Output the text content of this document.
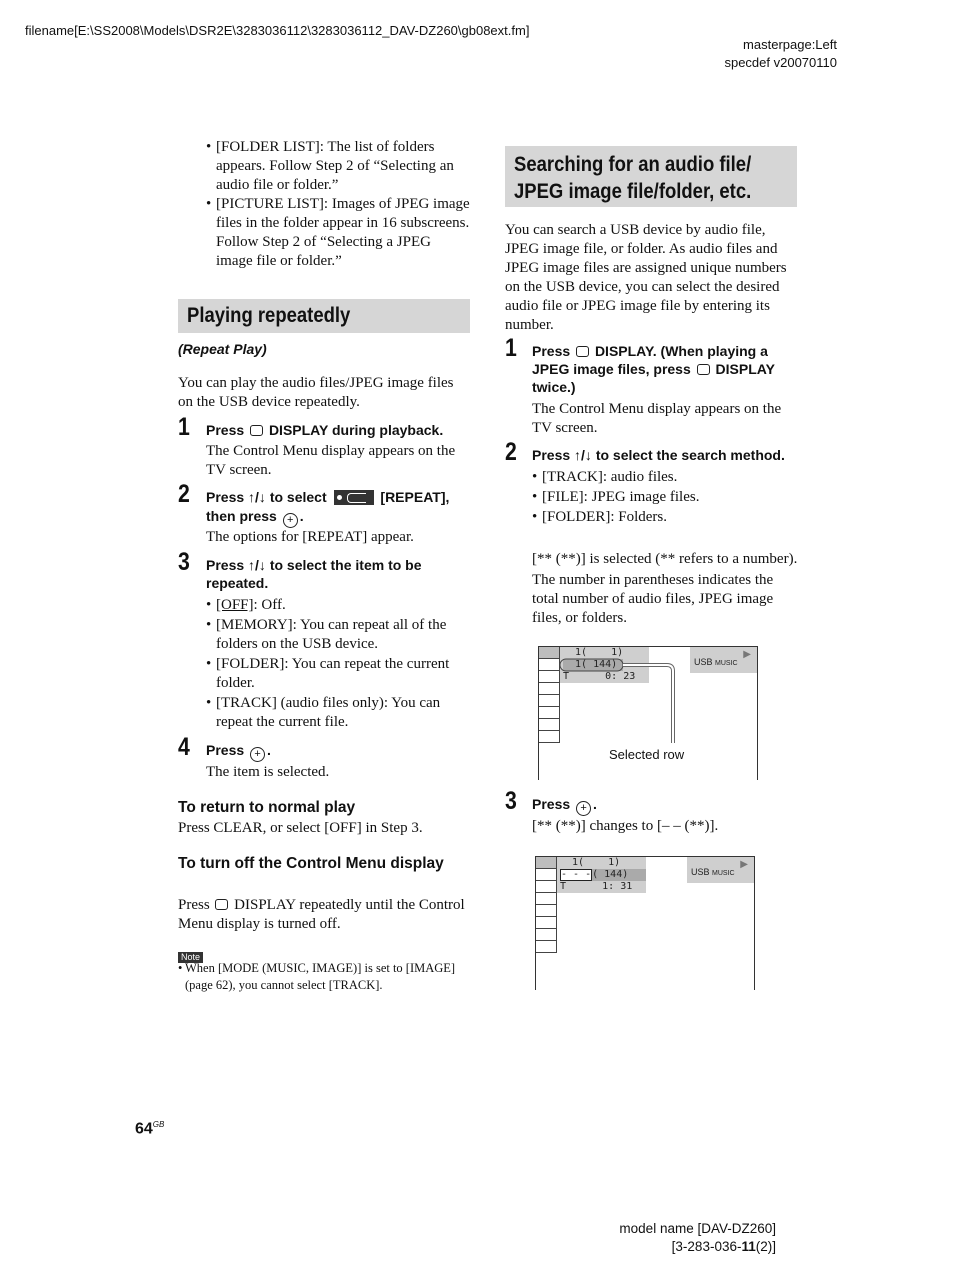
filename[E:\SS2008\Models\DSR2E\3283036112\3283036112_DAV-DZ260\gb08ext.fm]
masterpage:Left
specdef v20070110
• [FOLDER LIST]: The list of folders appears. Follow Step 2 of “Selecting an audio file or folder.”
• [PICTURE LIST]: Images of JPEG image files in the folder appear in 16 subscreens. Follow Step 2 of “Selecting a JPEG image file or folder.”
Playing repeatedly
(Repeat Play)
You can play the audio files/JPEG image files on the USB device repeatedly.
1 Press DISPLAY during playback.
The Control Menu display appears on the TV screen.
2 Press ↑/↓ to select	[REPEAT],
then press + .
The options for [REPEAT] appear.
3 Press ↑/↓ to select the item to be repeated.
• [OFF]: Off.
• [MEMORY]: You can repeat all of the folders on the USB device.
• [FOLDER]: You can repeat the current folder.
• [TRACK] (audio files only): You can repeat the current file.
4 Press + .
The item is selected.
To return to normal play
Press CLEAR, or select [OFF] in Step 3.
To turn off the Control Menu display
Press DISPLAY repeatedly until the Control Menu display is turned off.
Note
• When [MODE (MUSIC, IMAGE)] is set to [IMAGE] (page 62), you cannot select [TRACK].
$64^{GB}$
Searching for an audio file/
JPEG image file/folder, etc.
You can search a USB device by audio file, JPEG image file, or folder. As audio files and JPEG image files are assigned unique numbers on the USB device, you can select the desired audio file or JPEG image file by entering its number.
1 Press DISPLAY. (When playing a JPEG image files, press DISPLAY twice.)
The Control Menu display appears on the TV screen.
2 Press ↑/↓ to select the search method.
• [TRACK]: audio files.
• [FILE]: JPEG image files.
• [FOLDER]: Folders.
[** (**)] is selected (** refers to a number).
The number in parentheses indicates the total number of audio files, JPEG image files, or folders.
1(    1)
1( 144)
T      0: 23
▶
USB MUSIC
Selected row
3 Press + .
[** (**)] changes to [– – (**)].
1(    1)
- - -( 144)
T      1: 31
▶
USB MUSIC
model name [DAV-DZ260]
[3-283-036-11(2)]
